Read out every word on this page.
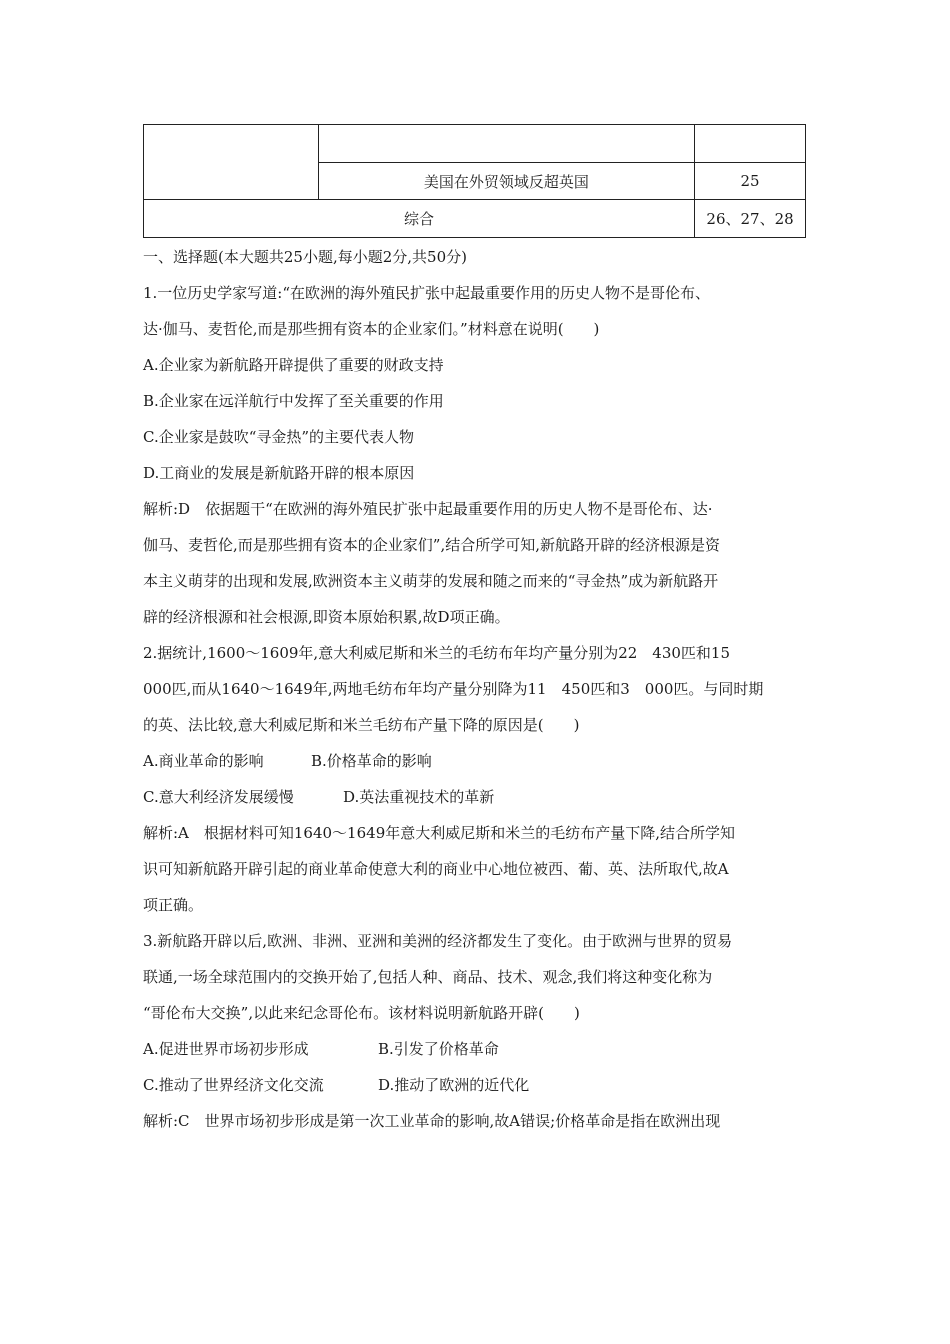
	美国在外贸领域反超英国	25
综合		26、27、28
一、选择题(本大题共25小题,每小题2分,共50分)
1.一位历史学家写道:“在欧洲的海外殖民扩张中起最重要作用的历史人物不是哥伦布、
达·伽马、麦哲伦,而是那些拥有资本的企业家们。”材料意在说明(　　)
A.企业家为新航路开辟提供了重要的财政支持
B.企业家在远洋航行中发挥了至关重要的作用
C.企业家是鼓吹“寻金热”的主要代表人物
D.工商业的发展是新航路开辟的根本原因
解析:D　依据题干“在欧洲的海外殖民扩张中起最重要作用的历史人物不是哥伦布、达·
伽马、麦哲伦,而是那些拥有资本的企业家们”,结合所学可知,新航路开辟的经济根源是资
本主义萌芽的出现和发展,欧洲资本主义萌芽的发展和随之而来的“寻金热”成为新航路开
辟的经济根源和社会根源,即资本原始积累,故D项正确。
2.据统计,1600～1609年,意大利威尼斯和米兰的毛纺布年均产量分别为22　430匹和15
000匹,而从1640～1649年,两地毛纺布年均产量分别降为11　450匹和3　000匹。与同时期
的英、法比较,意大利威尼斯和米兰毛纺布产量下降的原因是(　　)
A.商业革命的影响	B.价格革命的影响
C.意大利经济发展缓慢	D.英法重视技术的革新
解析:A　根据材料可知1640～1649年意大利威尼斯和米兰的毛纺布产量下降,结合所学知
识可知新航路开辟引起的商业革命使意大利的商业中心地位被西、葡、英、法所取代,故A
项正确。
3.新航路开辟以后,欧洲、非洲、亚洲和美洲的经济都发生了变化。由于欧洲与世界的贸易
联通,一场全球范围内的交换开始了,包括人种、商品、技术、观念,我们将这种变化称为
“哥伦布大交换”,以此来纪念哥伦布。该材料说明新航路开辟(　　)
A.促进世界市场初步形成	B.引发了价格革命
C.推动了世界经济文化交流	D.推动了欧洲的近代化
解析:C　世界市场初步形成是第一次工业革命的影响,故A错误;价格革命是指在欧洲出现
